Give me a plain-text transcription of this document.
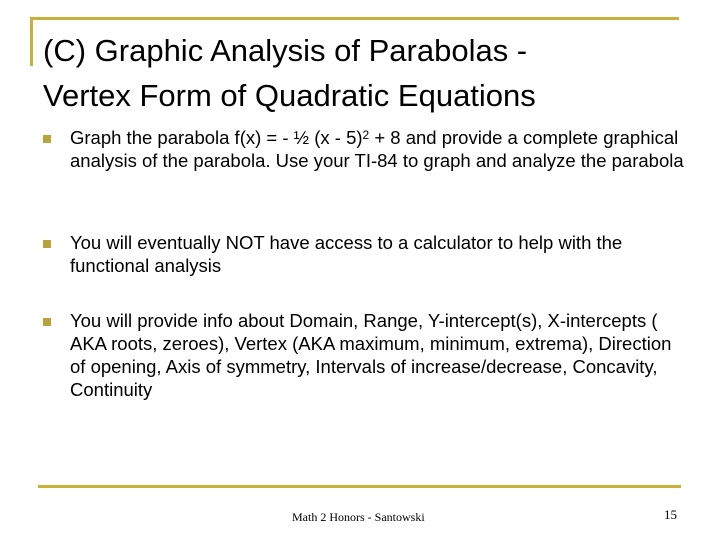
(C) Graphic Analysis of Parabolas -
Vertex Form of Quadratic Equations
Graph the parabola f(x) = - ½ (x - 5)$^2$ + 8 and provide a complete graphical analysis of the parabola. Use your TI-84 to graph and analyze the parabola
You will eventually NOT have access to a calculator to help with the functional analysis
You will provide info about Domain, Range, Y-intercept(s), X-intercepts ( AKA roots, zeroes), Vertex (AKA maximum, minimum, extrema), Direction of opening, Axis of symmetry, Intervals of increase/decrease, Concavity, Continuity
Math 2 Honors - Santowski	15
